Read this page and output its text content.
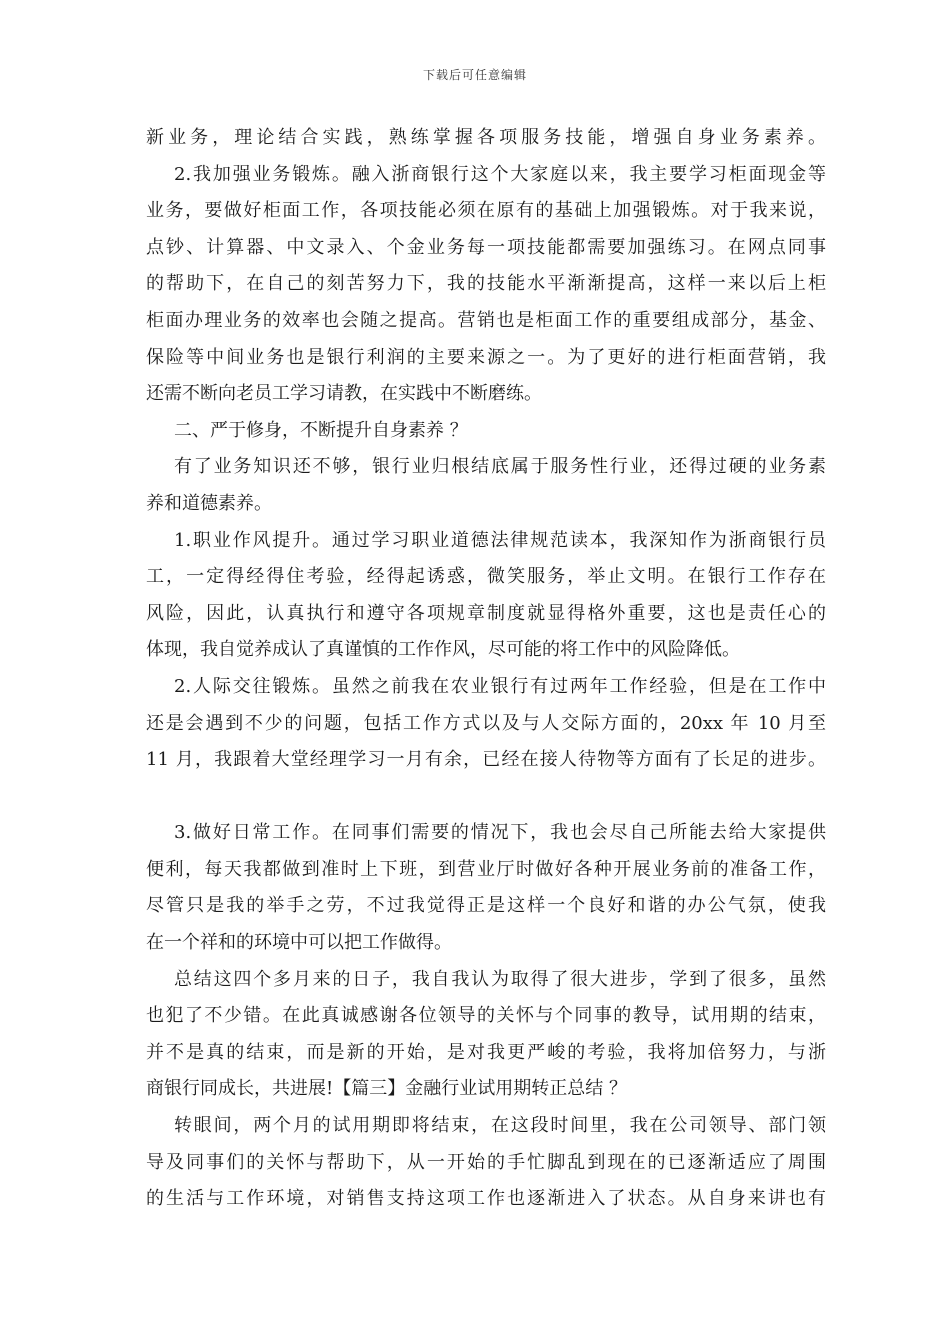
下载后可任意编辑
新业务，理论结合实践，熟练掌握各项服务技能，增强自身业务素养。
2.我加强业务锻炼。融入浙商银行这个大家庭以来，我主要学习柜面现金等
业务，要做好柜面工作，各项技能必须在原有的基础上加强锻炼。对于我来说，
点钞、计算器、中文录入、个金业务每一项技能都需要加强练习。在网点同事
的帮助下，在自己的刻苦努力下，我的技能水平渐渐提高，这样一来以后上柜
柜面办理业务的效率也会随之提高。营销也是柜面工作的重要组成部分，基金、
保险等中间业务也是银行利润的主要来源之一。为了更好的进行柜面营销，我
还需不断向老员工学习请教，在实践中不断磨练。
二、严于修身，不断提升自身素养 ？
有了业务知识还不够，银行业归根结底属于服务性行业，还得过硬的业务素
养和道德素养。
1.职业作风提升。通过学习职业道德法律规范读本，我深知作为浙商银行员
工，一定得经得住考验，经得起诱惑，微笑服务，举止文明。在银行工作存在
风险，因此，认真执行和遵守各项规章制度就显得格外重要，这也是责任心的
体现，我自觉养成认了真谨慎的工作作风，尽可能的将工作中的风险降低。
2.人际交往锻炼。虽然之前我在农业银行有过两年工作经验，但是在工作中
还是会遇到不少的问题，包括工作方式以及与人交际方面的，20xx 年 10 月至
11 月，我跟着大堂经理学习一月有余，已经在接人待物等方面有了长足的进步。
3.做好日常工作。在同事们需要的情况下，我也会尽自己所能去给大家提供
便利，每天我都做到准时上下班，到营业厅时做好各种开展业务前的准备工作，
尽管只是我的举手之劳，不过我觉得正是这样一个良好和谐的办公气氛，使我
在一个祥和的环境中可以把工作做得。
总结这四个多月来的日子，我自我认为取得了很大进步，学到了很多，虽然
也犯了不少错。在此真诚感谢各位领导的关怀与个同事的教导，试用期的结束，
并不是真的结束，而是新的开始，是对我更严峻的考验，我将加倍努力，与浙
商银行同成长，共进展!【篇三】金融行业试用期转正总结 ？
转眼间，两个月的试用期即将结束，在这段时间里，我在公司领导、部门领
导及同事们的关怀与帮助下，从一开始的手忙脚乱到现在的已逐渐适应了周围
的生活与工作环境，对销售支持这项工作也逐渐进入了状态。从自身来讲也有
